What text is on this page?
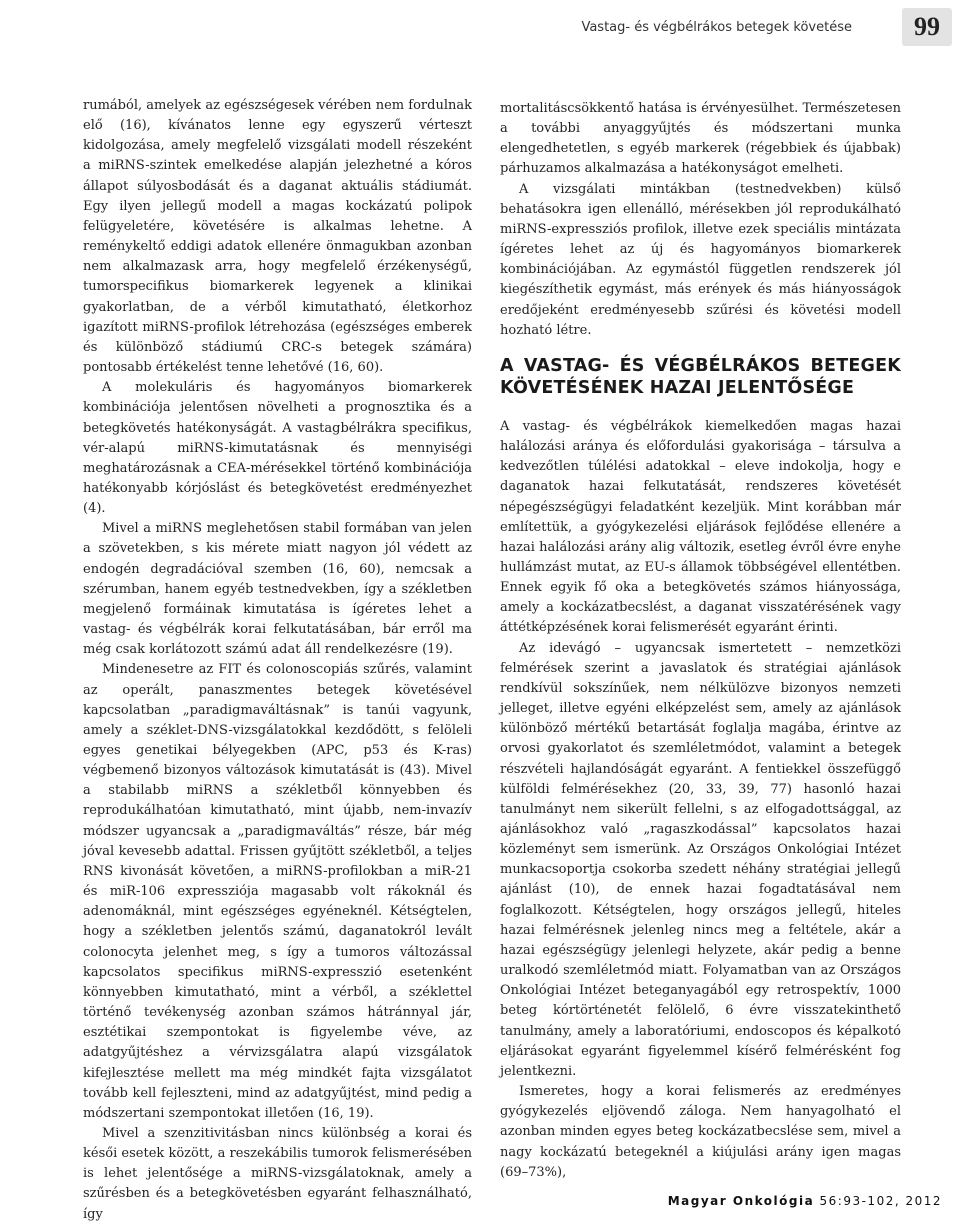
Vastag- és végbélrákos betegek követése	99

rumából, amelyek az egészségesek vérében nem fordulnak elő (16), kívánatos lenne egy egyszerű vérteszt kidolgozása, amely megfelelő vizsgálati modell részeként a miRNS-szintek emelkedése alapján jelezhetné a kóros állapot súlyosbodását és a daganat aktuális stádiumát. Egy ilyen jellegű modell a magas kockázatú polipok felügyeletére, követésére is alkalmas lehetne. A reménykeltő eddigi adatok ellenére önmagukban azonban nem alkalmazask arra, hogy megfelelő érzékenységű, tumorspecifikus biomarkerek legyenek a klinikai gyakorlatban, de a vérből kimutatható, életkorhoz igazított miRNS-profilok létrehozása (egészséges emberek és különböző stádiumú CRC-s betegek számára) pontosabb értékelést tenne lehetővé (16, 60).

A molekuláris és hagyományos biomarkerek kombinációja jelentősen növelheti a prognosztika és a betegkövetés hatékonyságát. A vastagbélrákra specifikus, vér-alapú miRNS-kimutatásnak és mennyiségi meghatározásnak a CEA-mérésekkel történő kombinációja hatékonyabb kórjóslást és betegkövetést eredményezhet (4).

Mivel a miRNS meglehetősen stabil formában van jelen a szövetekben, s kis mérete miatt nagyon jól védett az endogén degradációval szemben (16, 60), nemcsak a szérumban, hanem egyéb testnedvekben, így a székletben megjelenő formáinak kimutatása is ígéretes lehet a vastag- és végbélrák korai felkutatásában, bár erről ma még csak korlátozott számú adat áll rendelkezésre (19).

Mindenesetre az FIT és colonoscopiás szűrés, valamint az operált, panaszmentes betegek követésével kapcsolatban „paradigmaváltásnak” is tanúi vagyunk, amely a széklet-DNS-vizsgálatokkal kezdődött, s felöleli egyes genetikai bélyegekben (APC, p53 és K-ras) végbemenő bizonyos változások kimutatását is (43). Mivel a stabilabb miRNS a székletből könnyebben és reprodukálhatóan kimutatható, mint újabb, nem-invazív módszer ugyancsak a „paradigmaváltás” része, bár még jóval kevesebb adattal. Frissen gyűjtött székletből, a teljes RNS kivonását követően, a miRNS-profilokban a miR-21 és miR-106 expressziója magasabb volt rákoknál és adenomáknál, mint egészséges egyéneknél. Kétségtelen, hogy a székletben jelentős számú, daganatokról levált colonocyta jelenhet meg, s így a tumoros változással kapcsolatos specifikus miRNS-expresszió esetenként könnyebben kimutatható, mint a vérből, a széklettel történő tevékenység azonban számos hátránnyal jár, esztétikai szempontokat is figyelembe véve, az adatgyűjtéshez a vérvizsgálatra alapú vizsgálatok kifejlesztése mellett ma még mindkét fajta vizsgálatot tovább kell fejleszteni, mind az adatgyűjtést, mind pedig a módszertani szempontokat illetően (16, 19).

Mivel a szenzitivitásban nincs különbség a korai és késői esetek között, a reszekábilis tumorok felismerésében is lehet jelentősége a miRNS-vizsgálatoknak, amely a szűrésben és a betegkövetésben egyaránt felhasználható, így

mortalitáscsökkentő hatása is érvényesülhet. Természetesen a további anyaggyűjtés és módszertani munka elengedhetetlen, s egyéb markerek (régebbiek és újabbak) párhuzamos alkalmazása a hatékonyságot emelheti.

A vizsgálati mintákban (testnedvekben) külső behatásokra igen ellenálló, mérésekben jól reprodukálható miRNS-expressziós profilok, illetve ezek speciális mintázata ígéretes lehet az új és hagyományos biomarkerek kombinációjában. Az egymástól független rendszerek jól kiegészíthetik egymást, más erények és más hiányosságok eredőjeként eredményesebb szűrési és követési modell hozható létre.

A VASTAG- ÉS VÉGBÉLRÁKOS BETEGEK KÖVETÉSÉNEK HAZAI JELENTŐSÉGE

A vastag- és végbélrákok kiemelkedően magas hazai halálozási aránya és előfordulási gyakorisága – társulva a kedvezőtlen túlélési adatokkal – eleve indokolja, hogy e daganatok hazai felkutatását, rendszeres követését népegészségügyi feladatként kezeljük. Mint korábban már említettük, a gyógykezelési eljárások fejlődése ellenére a hazai halálozási arány alig változik, esetleg évről évre enyhe hullámzást mutat, az EU-s államok többségével ellentétben. Ennek egyik fő oka a betegkövetés számos hiányossága, amely a kockázatbecslést, a daganat visszatérésének vagy áttétképzésének korai felismerését egyaránt érinti.

Az idevágó – ugyancsak ismertetett – nemzetközi felmérések szerint a javaslatok és stratégiai ajánlások rendkívül sokszínűek, nem nélkülözve bizonyos nemzeti jelleget, illetve egyéni elképzelést sem, amely az ajánlások különböző mértékű betartását foglalja magába, érintve az orvosi gyakorlatot és szemléletmódot, valamint a betegek részvételi hajlandóságát egyaránt. A fentiekkel összefüggő külföldi felmérésekhez (20, 33, 39, 77) hasonló hazai tanulmányt nem sikerült fellelni, s az elfogadottsággal, az ajánlásokhoz való „ragaszkodással” kapcsolatos hazai közleményt sem ismerünk. Az Országos Onkológiai Intézet munkacsoportja csokorba szedett néhány stratégiai jellegű ajánlást (10), de ennek hazai fogadtatásával nem foglalkozott. Kétségtelen, hogy országos jellegű, hiteles hazai felmérésnek jelenleg nincs meg a feltétele, akár a hazai egészségügy jelenlegi helyzete, akár pedig a benne uralkodó szemléletmód miatt. Folyamatban van az Országos Onkológiai Intézet beteganyagából egy retrospektív, 1000 beteg kórtörténetét felölelő, 6 évre visszatekinthető tanulmány, amely a laboratóriumi, endoscopos és képalkotó eljárásokat egyaránt figyelemmel kísérő felmérésként fog jelentkezni.

Ismeretes, hogy a korai felismerés az eredményes gyógykezelés eljövendő záloga. Nem hanyagolható el azonban minden egyes beteg kockázatbecslése sem, mivel a nagy kockázatú betegeknél a kiújulási arány igen magas (69–73%),

Magyar Onkológia 56:93-102, 2012
